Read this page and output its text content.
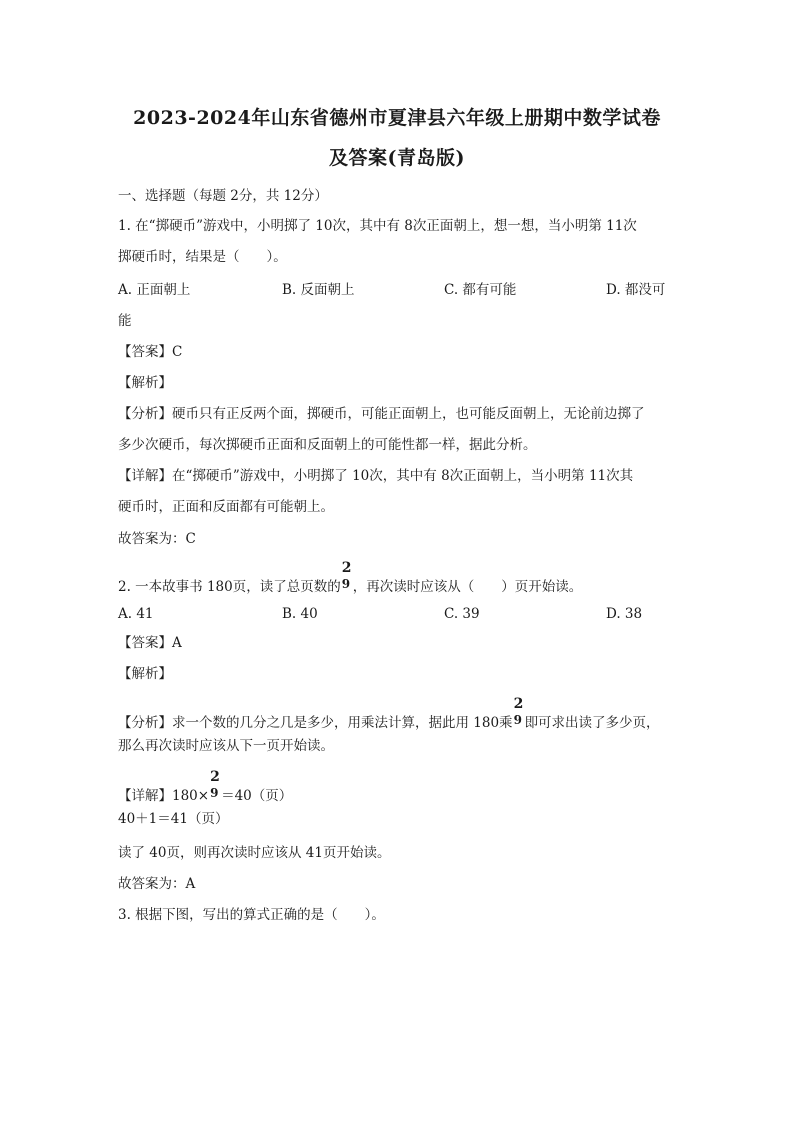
2023-2024年山东省德州市夏津县六年级上册期中数学试卷
及答案(青岛版)
一、选择题（每题 2分，共 12分）
1. 在“掷硬币”游戏中，小明掷了 10次，其中有 8次正面朝上，想一想，当小明第 11次
掷硬币时，结果是（　　）。
A. 正面朝上	B. 反面朝上	C. 都有可能	D. 都没可
能
【答案】C
【解析】
【分析】硬币只有正反两个面，掷硬币，可能正面朝上，也可能反面朝上，无论前边掷了
多少次硬币，每次掷硬币正面和反面朝上的可能性都一样，据此分析。
【详解】在“掷硬币”游戏中，小明掷了 10次，其中有 8次正面朝上，当小明第 11次其
硬币时，正面和反面都有可能朝上。
故答案为：C
2. 一本故事书 180页，读了总页数的
2
9 ，再次读时应该从（　　）页开始读。
A. 41	B. 40	C. 39	D. 38
【答案】A
【解析】
【分析】求一个数的几分之几是多少，用乘法计算，据此用 180乘
2
9 即可求出读了多少页，
那么再次读时应该从下一页开始读。
【详解】180×
2
9 ＝40（页）
40＋1＝41（页）
读了 40页，则再次读时应该从 41页开始读。
故答案为：A
3. 根据下图，写出的算式正确的是（　　）。
